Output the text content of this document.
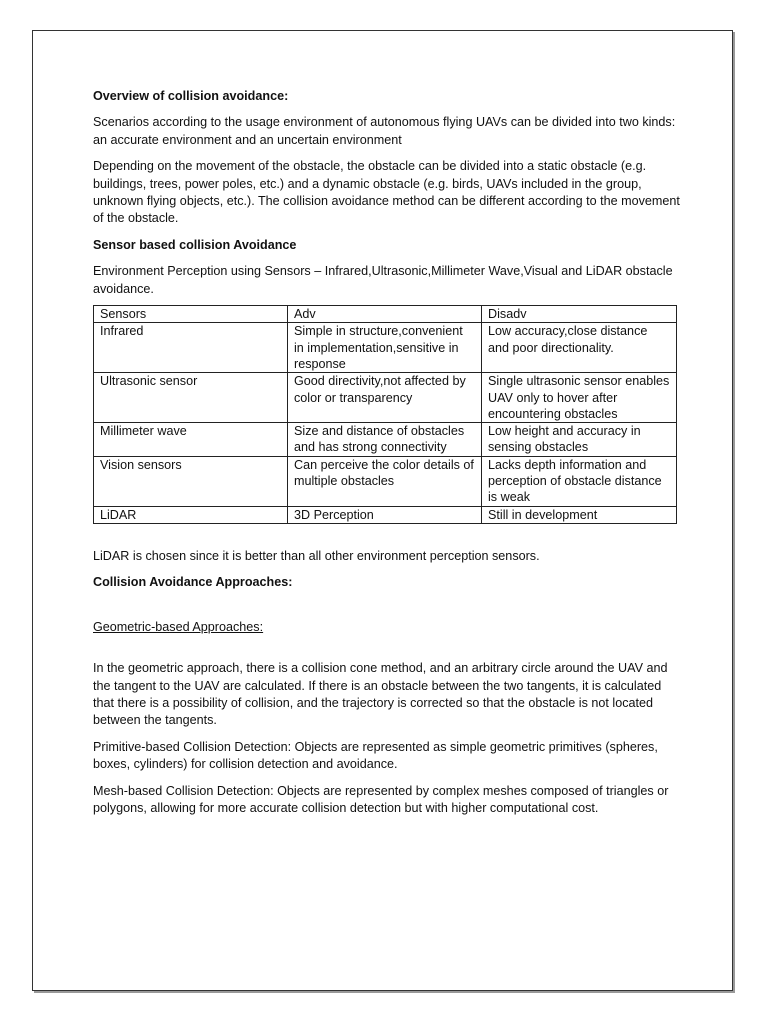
Overview of collision avoidance:

Scenarios according to the usage environment of autonomous flying UAVs can be divided into two kinds: an accurate environment and an uncertain environment

Depending on the movement of the obstacle, the obstacle can be divided into a static obstacle (e.g. buildings, trees, power poles, etc.) and a dynamic obstacle (e.g. birds, UAVs included in the group, unknown flying objects, etc.). The collision avoidance method can be different according to the movement of the obstacle.

Sensor based collision Avoidance

Environment Perception using Sensors – Infrared,Ultrasonic,Millimeter Wave,Visual and LiDAR obstacle avoidance.

Sensors	Adv	Disadv
Infrared	Simple in structure,convenient in implementation,sensitive in response	Low accuracy,close distance and poor directionality.
Ultrasonic sensor	Good directivity,not affected by color or transparency	Single ultrasonic sensor enables UAV only to hover after encountering obstacles
Millimeter wave	Size and distance of obstacles and has strong connectivity	Low height and accuracy in sensing obstacles
Vision sensors	Can perceive the color details of multiple obstacles	Lacks depth information and perception of obstacle distance is weak
LiDAR	3D Perception	Still in development

LiDAR is chosen since it is better than all other environment perception sensors.

Collision Avoidance Approaches:

Geometric-based Approaches:

In the geometric approach, there is a collision cone method, and an arbitrary circle around the UAV and the tangent to the UAV are calculated. If there is an obstacle between the two tangents, it is calculated that there is a possibility of collision, and the trajectory is corrected so that the obstacle is not located between the tangents.

Primitive-based Collision Detection: Objects are represented as simple geometric primitives (spheres, boxes, cylinders) for collision detection and avoidance.

Mesh-based Collision Detection: Objects are represented by complex meshes composed of triangles or polygons, allowing for more accurate collision detection but with higher computational cost.
